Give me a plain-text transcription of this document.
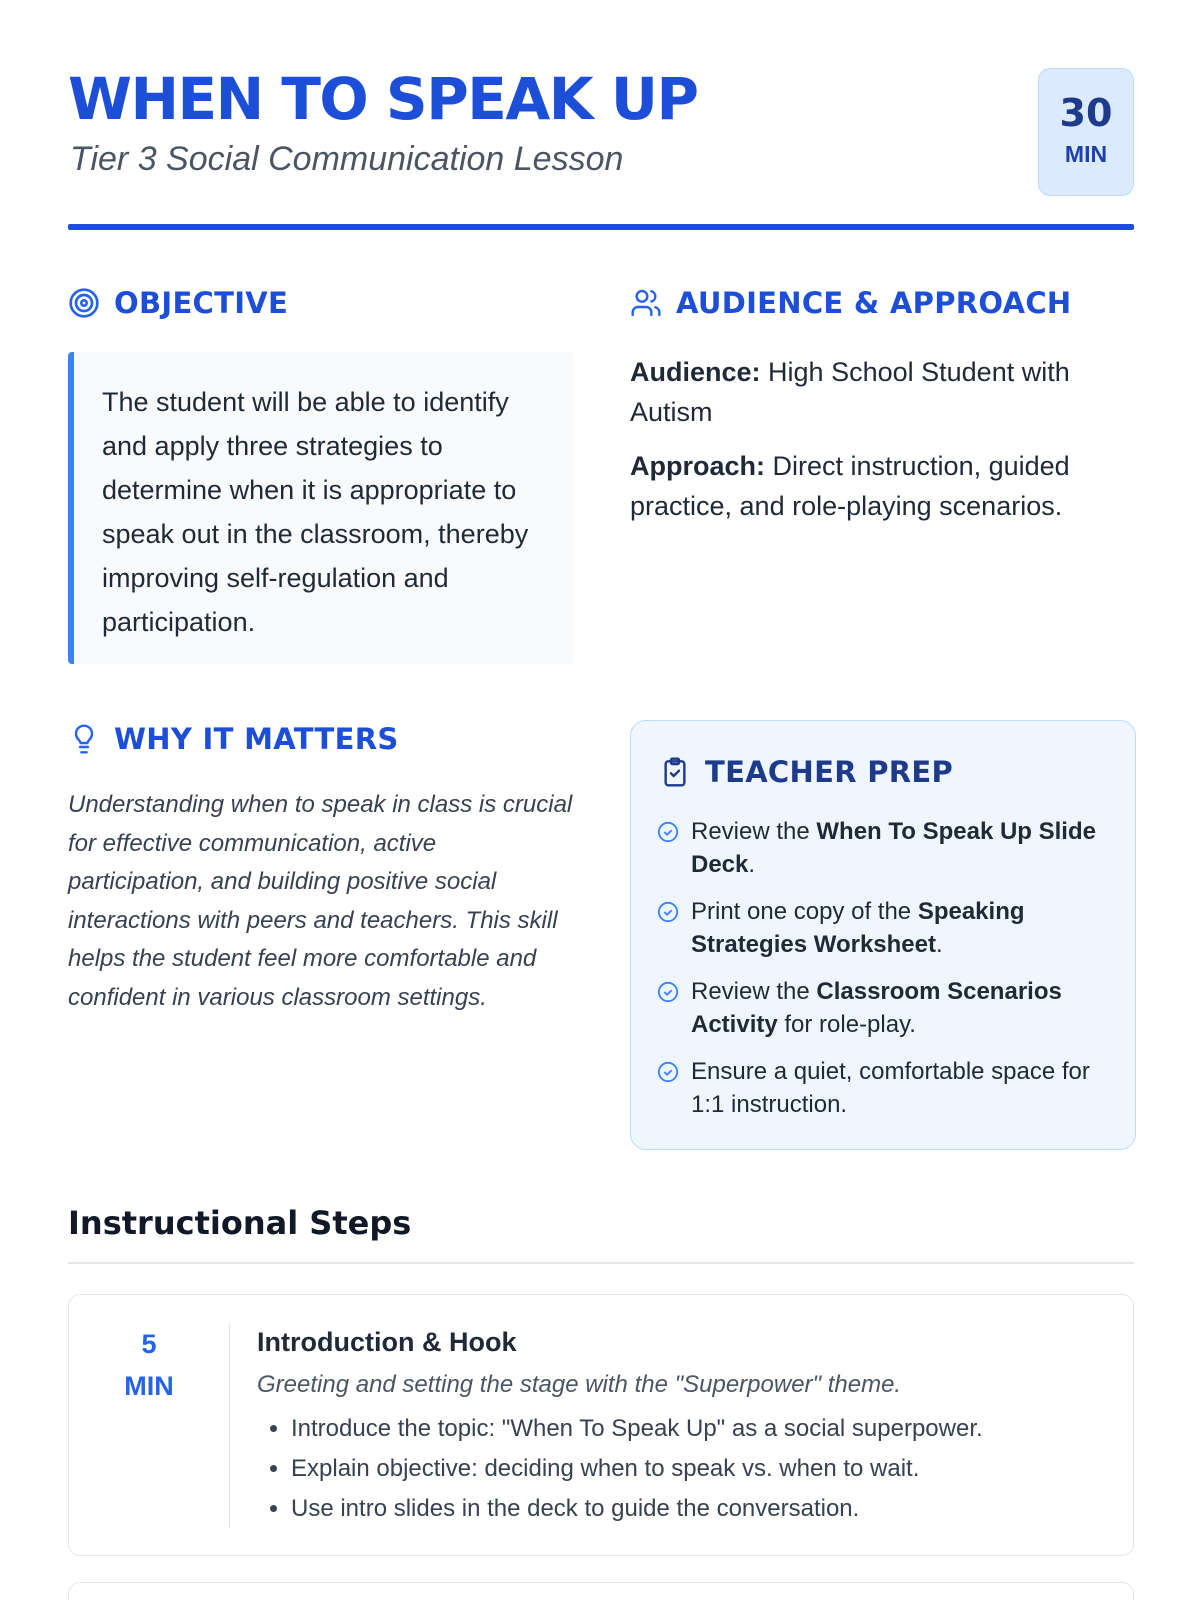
WHEN TO SPEAK UP
Tier 3 Social Communication Lesson
30
MIN
OBJECTIVE

The student will be able to identify and apply three strategies to determine when it is appropriate to speak out in the classroom, thereby improving self-regulation and participation.

AUDIENCE & APPROACH

Audience: High School Student with Autism

Approach: Direct instruction, guided practice, and role-playing scenarios.

WHY IT MATTERS

Understanding when to speak in class is crucial for effective communication, active participation, and building positive social interactions with peers and teachers. This skill helps the student feel more comfortable and confident in various classroom settings.

TEACHER PREP
Review the When To Speak Up Slide Deck.
Print one copy of the Speaking Strategies Worksheet.
Review the Classroom Scenarios Activity for role-play.
Ensure a quiet, comfortable space for 1:1 instruction.
Instructional Steps
5
MIN
Introduction & Hook
Greeting and setting the stage with the "Superpower" theme.
• Introduce the topic: "When To Speak Up" as a social superpower.
• Explain objective: deciding when to speak vs. when to wait.
• Use intro slides in the deck to guide the conversation.
